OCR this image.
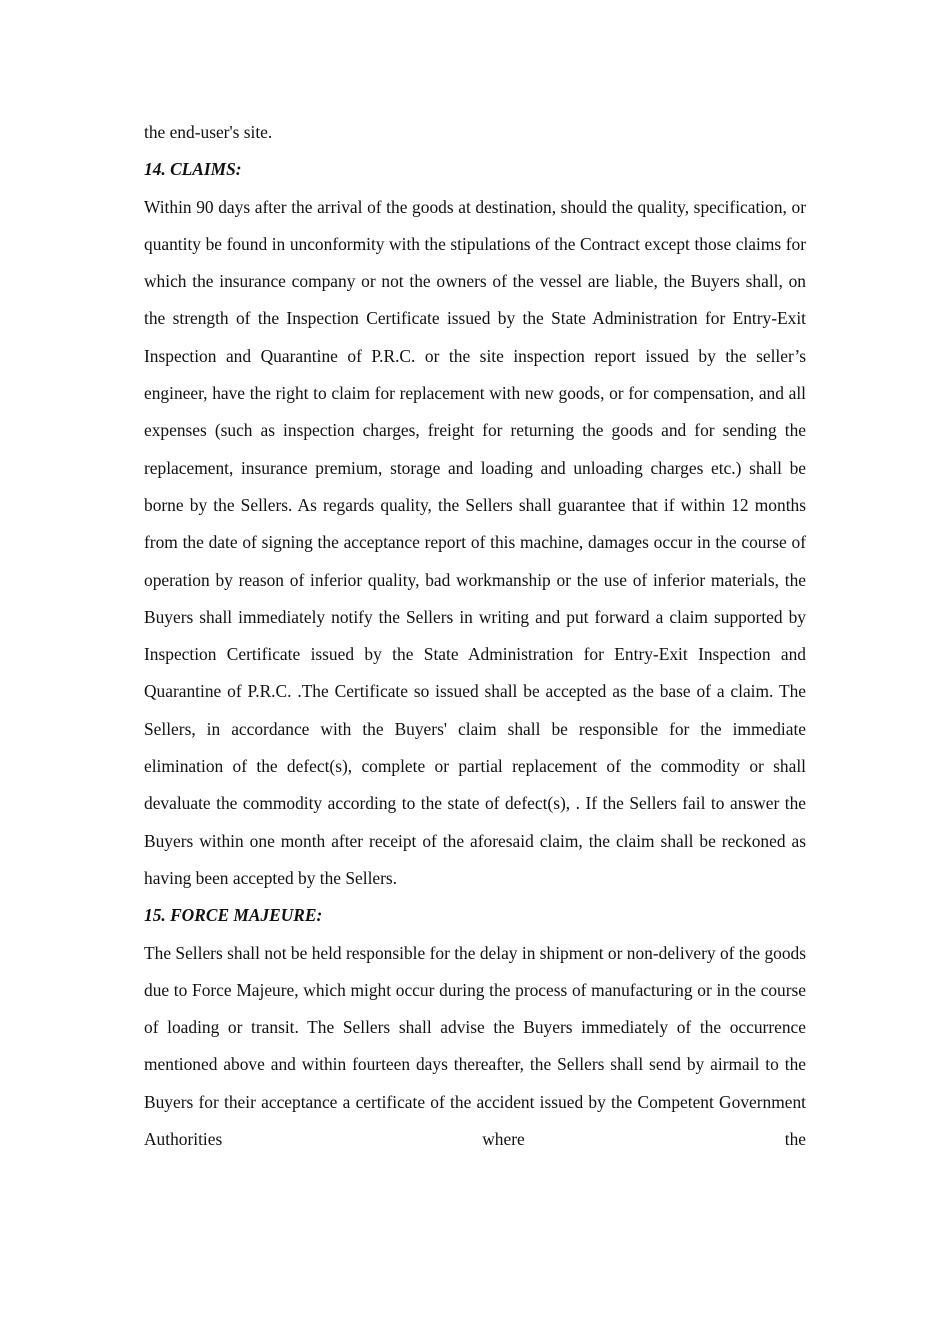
the end-user's site.

14. CLAIMS:

Within 90 days after the arrival of the goods at destination, should the quality, specification, or quantity be found in unconformity with the stipulations of the Contract except those claims for which the insurance company or not the owners of the vessel are liable, the Buyers shall, on the strength of the Inspection Certificate issued by the State Administration for Entry-Exit Inspection and Quarantine of P.R.C. or the site inspection report issued by the seller’s engineer, have the right to claim for replacement with new goods, or for compensation, and all expenses (such as inspection charges, freight for returning the goods and for sending the replacement, insurance premium, storage and loading and unloading charges etc.) shall be borne by the Sellers. As regards quality, the Sellers shall guarantee that if within 12 months from the date of signing the acceptance report of this machine, damages occur in the course of operation by reason of inferior quality, bad workmanship or the use of inferior materials, the Buyers shall immediately notify the Sellers in writing and put forward a claim supported by Inspection Certificate issued by the State Administration for Entry-Exit Inspection and Quarantine of P.R.C. .The Certificate so issued shall be accepted as the base of a claim. The Sellers, in accordance with the Buyers' claim shall be responsible for the immediate elimination of the defect(s), complete or partial replacement of the commodity or shall devaluate the commodity according to the state of defect(s), . If the Sellers fail to answer the Buyers within one month after receipt of the aforesaid claim, the claim shall be reckoned as having been accepted by the Sellers.

15. FORCE MAJEURE:

The Sellers shall not be held responsible for the delay in shipment or non-delivery of the goods due to Force Majeure, which might occur during the process of manufacturing or in the course of loading or transit. The Sellers shall advise the Buyers immediately of the occurrence mentioned above and within fourteen days thereafter, the Sellers shall send by airmail to the Buyers for their acceptance a certificate of the accident issued by the Competent Government Authorities where the
